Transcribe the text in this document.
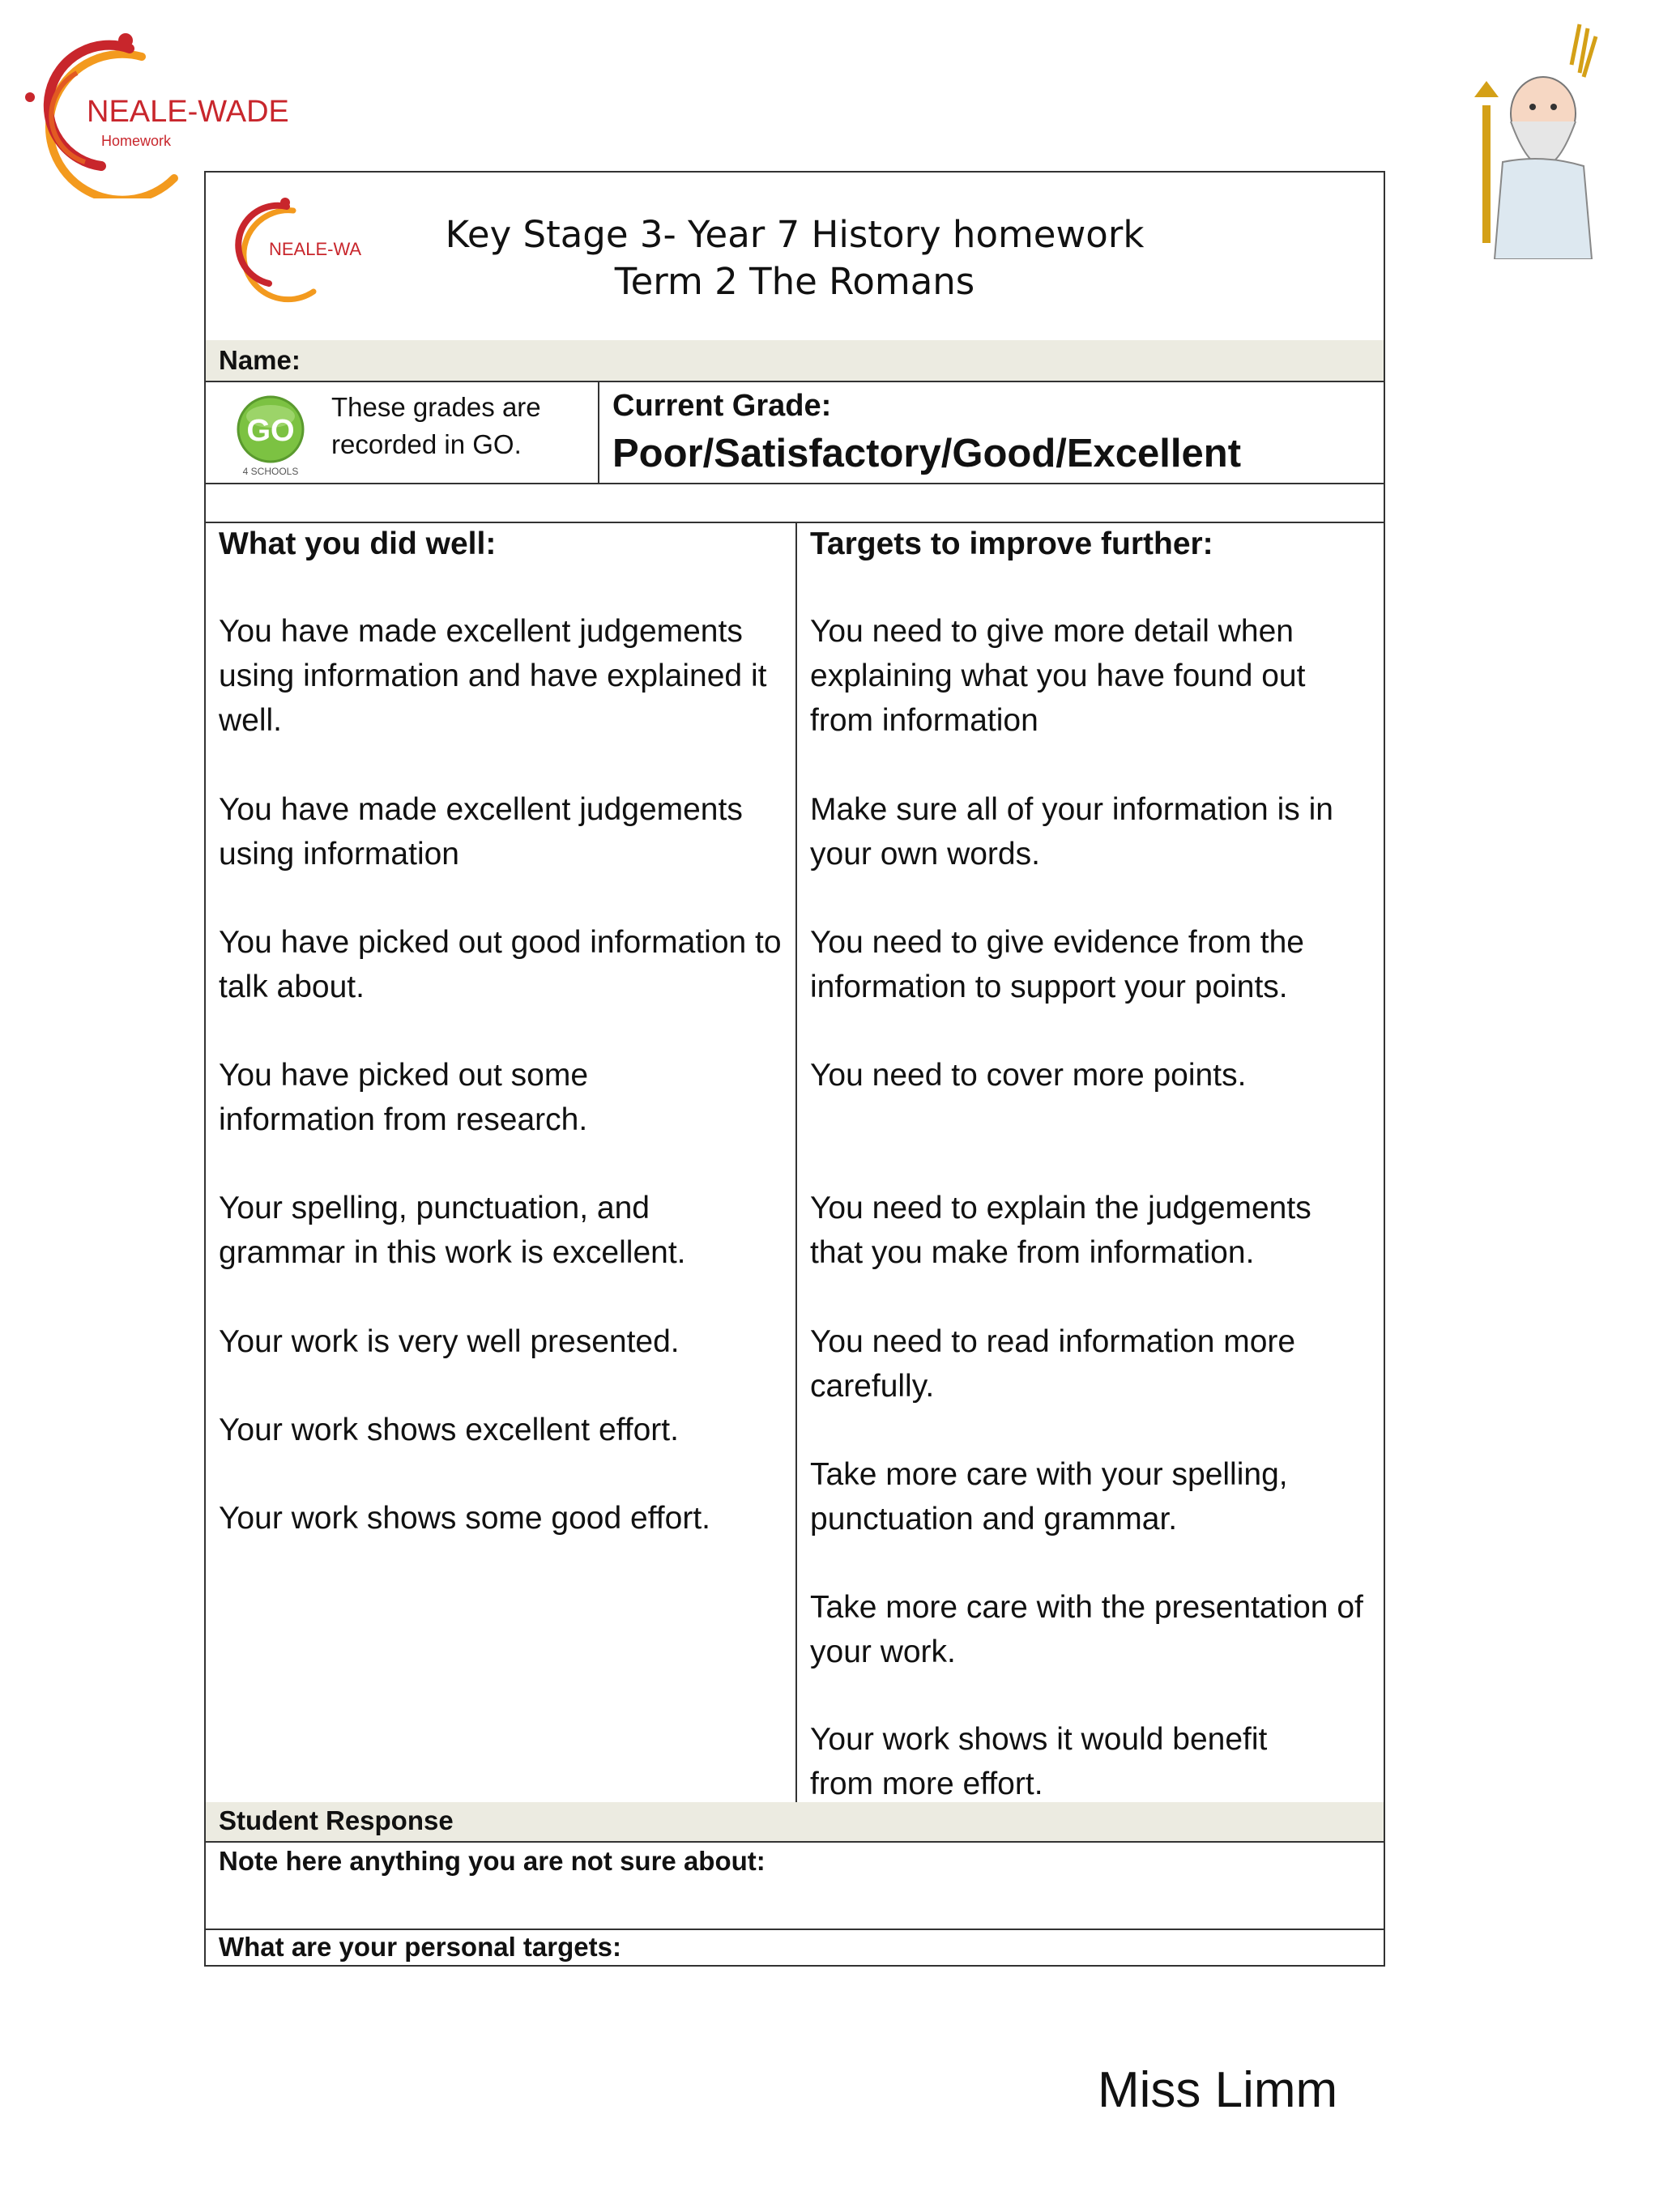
NEALE-WADE
Homework
NEALE-WA	Key Stage 3- Year 7 History homework
Term 2 The Romans
Name:
GO
4 SCHOOLS
These grades are recorded in GO.
Current Grade:
Poor/Satisfactory/Good/Excellent
What you did well:
You have made excellent judgements using information and have explained it well.
You have made excellent judgements using information
You have picked out good information to talk about.
You have picked out some information from research.
Your spelling, punctuation, and grammar in this work is excellent.
Your work is very well presented.
Your work shows excellent effort.
Your work shows some good effort.
Targets to improve further:
You need to give more detail when explaining what you have found out from information
Make sure all of your information is in your own words.
You need to give evidence from the information to support your points.
You need to cover more points.
You need to explain the judgements that you make from information.
You need to read information more carefully.
Take more care with your spelling, punctuation and grammar.
Take more care with the presentation of your work.
Your work shows it would benefit from more effort.
Student Response
Note here anything you are not sure about:
What are your personal targets:
Miss Limm
